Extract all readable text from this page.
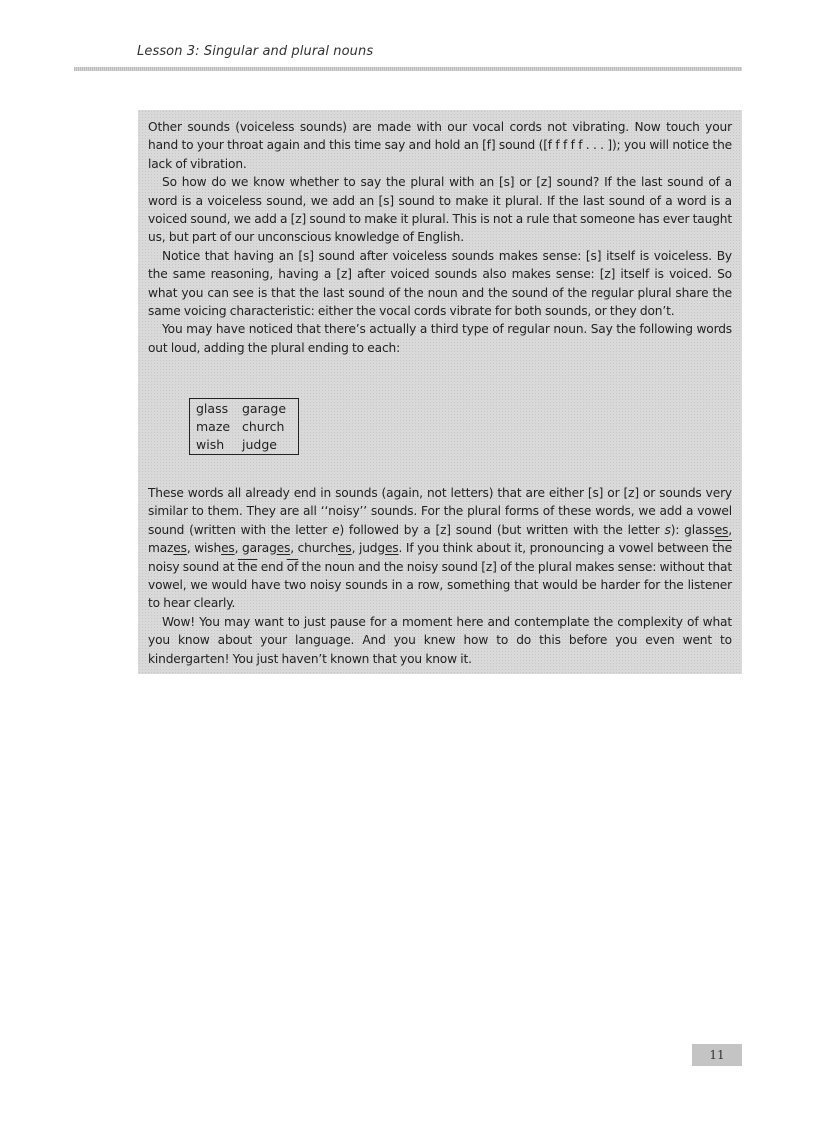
Lesson 3: Singular and plural nouns

Other sounds (voiceless sounds) are made with our vocal cords not vibrating. Now touch your hand to your throat again and this time say and hold an [f] sound ([f f f f f . . . ]); you will notice the lack of vibration.

So how do we know whether to say the plural with an [s] or [z] sound? If the last sound of a word is a voiceless sound, we add an [s] sound to make it plural. If the last sound of a word is a voiced sound, we add a [z] sound to make it plural. This is not a rule that someone has ever taught us, but part of our unconscious knowledge of English.

Notice that having an [s] sound after voiceless sounds makes sense: [s] itself is voiceless. By the same reasoning, having a [z] after voiced sounds also makes sense: [z] itself is voiced. So what you can see is that the last sound of the noun and the sound of the regular plural share the same voicing characteristic: either the vocal cords vibrate for both sounds, or they don’t.

You may have noticed that there’s actually a third type of regular noun. Say the following words out loud, adding the plural ending to each:

glass	garage
maze church
wish	judge

These words all already end in sounds (again, not letters) that are either [s] or [z] or sounds very similar to them. They are all ‘‘noisy’’ sounds. For the plural forms of these words, we add a vowel sound (written with the letter e) followed by a [z] sound (but written with the letter s): glasses, mazes, wishes, garages, churches, judges. If you think about it, pronouncing a vowel between $\overline{the}$ noisy sound at $\overline{the}$ end $\overline{of}$ the noun and the noisy sound [z] of the plural makes sense: without that vowel, we would have two noisy sounds in a row, something that would be harder for the listener to hear clearly.

Wow! You may want to just pause for a moment here and contemplate the complexity of what you know about your language. And you knew how to do this before you even went to kindergarten! You just haven’t known that you know it.

11
